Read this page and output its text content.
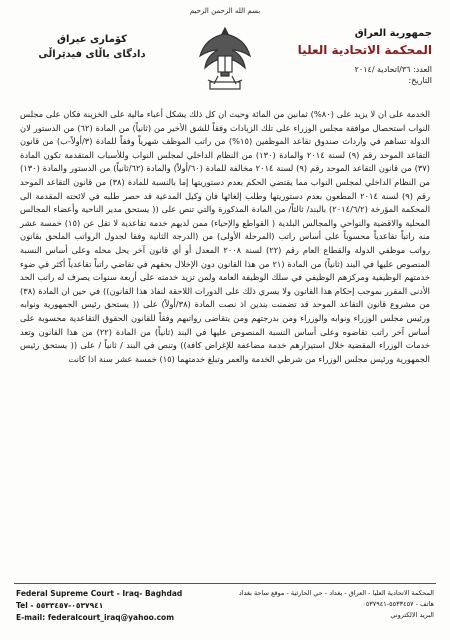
بسم الله الرحمن الرحيم
جمهورية العراق
المحكمة الاتحادية العليا
العدد: ٣٦/اتحادية /٢٠١٤
التاريخ:
كۆماری عیراق
دادگای باڵای فیدێراڵی

الخدمة على ان لا يزيد على (٨٠%) ثمانين من المائة وحيث ان كل ذلك يشكل أعباء مالية على الخزينة فكان على مجلس النواب استحصال موافقة مجلس الوزراء على تلك الزيادات وفقاً للشق الأخير من (ثانياً) من المادة (٦٢) من الدستور لان الدولة تساهم في واردات صندوق تقاعد الموظفين (١٥%) من راتب الموظف شهرياً وفقاً للمادة (٣/أولاً-ب) من قانون التقاعد الموحد رقم (٩) لسنة ٢٠١٤ والمادة (١٣٠) من النظام الداخلي لمجلس النواب وللأسباب المتقدمة تكون المادة (٣٧) من قانون التقاعد الموحد رقم (٩) لسنة ٢٠١٤ مخالفة للمادة (٦٠/أولاً) والمادة (٦٢/ثانياً) من الدستور والمادة (١٣٠) من النظام الداخلي لمجلس النواب مما يقتضي الحكم بعدم دستوريتها إما بالنسبة للمادة (٣٨) من قانون التقاعد الموحد رقم (٩) لسنة ٢٠١٤ المطعون بعدم دستوريتها وطلب إلغائها فان وكيل المدعية قد حصر طلبه في لائحته المقدمة الى المحكمة المؤرخة (٢٠١٤/٦/٢) بالبند/ ثالثاً/ من المادة المذكورة والتي تنص على (( يستحق مدير الناحية وأعضاء المجالس المحلية والاقضية والنواحي والمجالس البلدية ( القواطع والإحياء) ممن لديهم خدمة تقاعدية لا تقل عن (١٥) خمسة عشر منه راتباً تقاعدياً محسوباً على أساس راتب (المرحلة الأولى) من (الدرجة الثانية وفقا لجدول الرواتب الملحق بقانون رواتب موظفي الدولة والقطاع العام رقم (٢٢) لسنة ٢٠٠٨ المعدل أو أي قانون آخر يحل محله وعلى أساس النسبة المنصوص عليها في البند (ثانياً) من المادة (٢١ من هذا القانون دون الإخلال بحقهم في تقاضي راتباً تقاعدياً أكثر في ضوء خدمتهم الوظيفية ومركزهم الوظيفي في سلك الوظيفة العامة ولمن تزيد خدمته على أربعة سنوات يصرف له راتب الحد الأدنى المقرر بموجب إحكام هذا القانون ولا يسري ذلك على الدورات اللاحقة لنفاذ هذا القانون)) في حين ان المادة (٣٨) من مشروع قانون التقاعد الموحد قد تضمنت بندين اذ نصت المادة (٣٨/أولاً) على (( يستحق رئيس الجمهورية ونوابه ورئيس مجلس الوزراء ونوابه والوزراء ومن بدرجتهم ومن يتقاضى رواتبهم وفقاً للقانون الحقوق التقاعدية محسوبة على أساس آخر راتب تقاضوه وعلى أساس النسبة المنصوص عليها في البند (ثانياً) من المادة (٢٢) من هذا القانون وتعد خدمات الوزراء المقضية خلال استيزارهم خدمة مضاعفة للإغراض كافة)) وتنص في البند / ثانياً / على (( يستحق رئيس الجمهورية ورئيس مجلس الوزراء من شرطي الخدمة والعمر وتبلغ خدمتهما (١٥) خمسة عشر سنة اذا كانت

Federal Supreme Court - Iraq- Baghdad
Tel - ٠٥٣٧٩٤١-٥٥٣٣٤٥٧
E-mail: federalcourt_iraq@yahoo.com
المحكمة الاتحادية العليا - العراق - بغداد - حي الحارثية - موقع ساحة بغداد
هاتف - ٥٥٣٣٤٥٧-٠٥٣٧٩٤١
البريد الالكتروني
